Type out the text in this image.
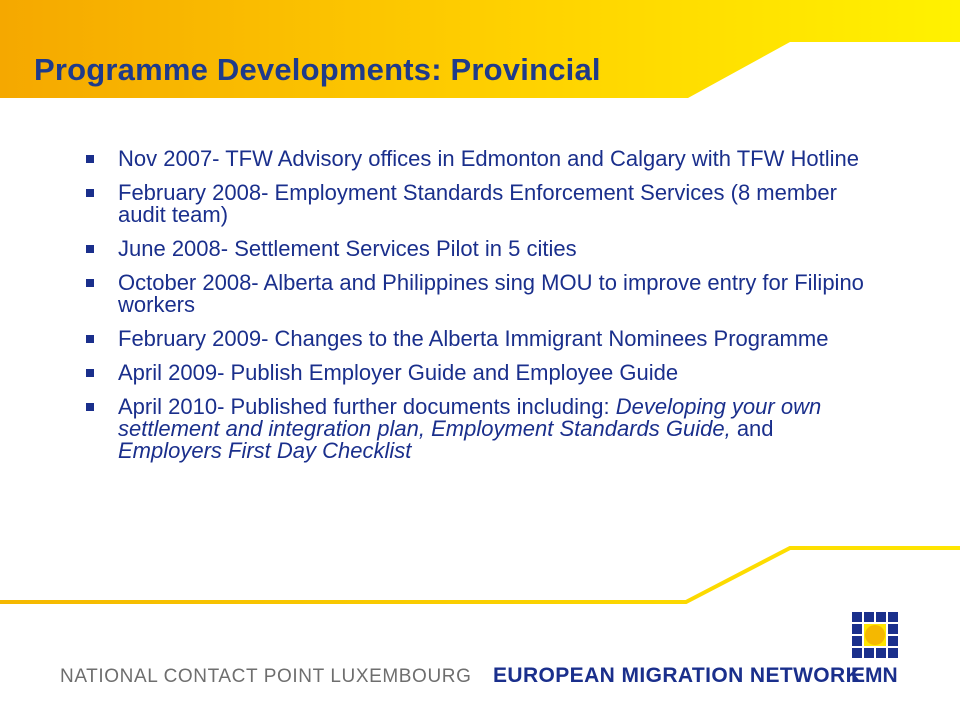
Programme Developments: Provincial
Nov 2007- TFW Advisory offices in Edmonton and Calgary with TFW Hotline
February 2008- Employment Standards Enforcement Services (8 member audit team)
June 2008- Settlement Services Pilot in 5 cities
October 2008- Alberta and Philippines sing MOU to improve entry for Filipino workers
February 2009- Changes to the Alberta Immigrant Nominees Programme
April 2009- Publish Employer Guide and Employee Guide
April 2010- Published further documents including: Developing your own settlement and integration plan, Employment Standards Guide, and Employers First Day Checklist
NATIONAL CONTACT POINT LUXEMBOURG EUROPEAN MIGRATION NETWORK
EMN
